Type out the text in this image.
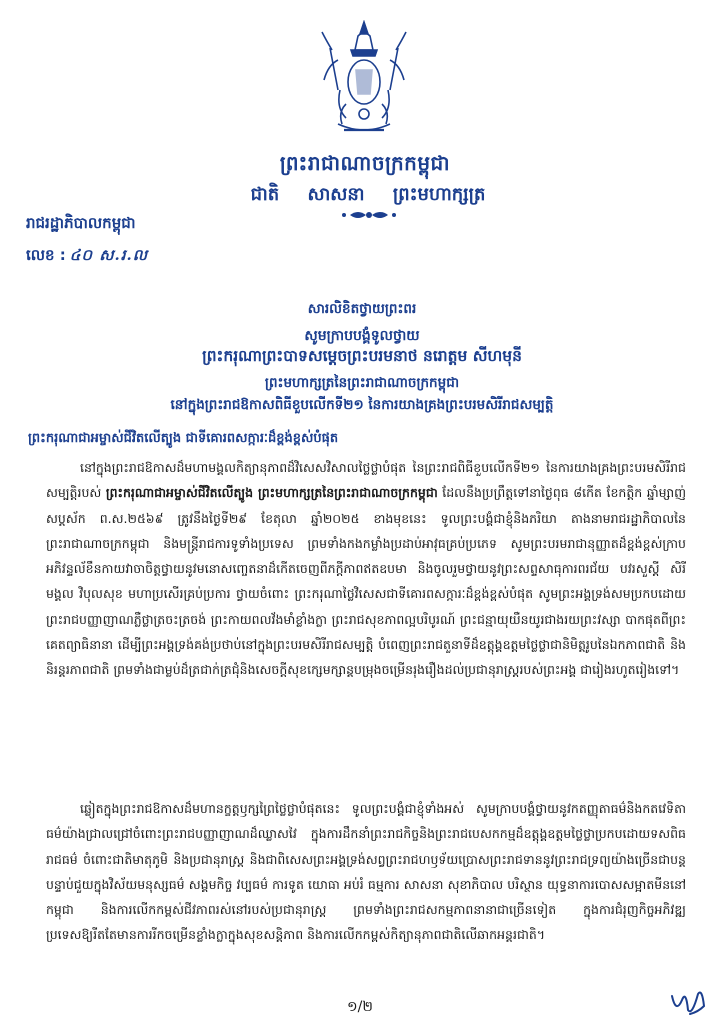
ព្រះរាជាណាចក្រកម្ពុជា
ជាតិ សាសនា ព្រះមហាក្សត្រ
រាជរដ្ឋាភិបាលកម្ពុជា
លេខ : ៤០ ស.រ.ល
សារលិខិតថ្វាយព្រះពរ
សូមក្រាបបង្គំទូលថ្វាយ
ព្រះករុណាព្រះបាទសម្តេចព្រះបរមនាថ នរោត្តម សីហមុនី
ព្រះមហាក្សត្រនៃព្រះរាជាណាចក្រកម្ពុជា
នៅក្នុងព្រះរាជឱកាសពិធីខួបលើកទី២១ នៃការយាងគ្រងព្រះបរមសិរីរាជសម្បត្តិ
ព្រះករុណាជាអម្ចាស់ជីវិតលើត្បូង ជាទីគោរពសក្ការៈដ៏ខ្ពង់ខ្ពស់បំផុត
នៅក្នុងព្រះរាជឱកាសដ៏មហាមង្គលកិត្យានុភាពដ៏វិសេសវិសាលថ្លៃថ្លាបំផុត នៃព្រះរាជពិធីខួបលើកទី២១ នៃការយាងគ្រងព្រះបរមសិរីរាជសម្បត្តិរបស់ ព្រះករុណាជាអម្ចាស់ជីវិតលើត្បូង ព្រះមហាក្សត្រនៃព្រះរាជាណាចក្រកម្ពុជា ដែលនឹងប្រព្រឹត្តទៅនាថ្ងៃពុធ ៨កើត ខែកត្តិក ឆ្នាំម្សាញ់ សប្តស័ក ព.ស.២៥៦៩ ត្រូវនឹងថ្ងៃទី២៩ ខែតុលា ឆ្នាំ២០២៥ ខាងមុខនេះ ទូលព្រះបង្គំជាខ្ញុំនិងភរិយា តាងនាមរាជរដ្ឋាភិបាលនៃព្រះរាជាណាចក្រកម្ពុជា និងមន្ត្រីរាជការទូទាំងប្រទេស ព្រមទាំងកងកម្លាំងប្រដាប់អាវុធគ្រប់ប្រភេទ សូមព្រះបរមរាជានុញ្ញាតដ៏ខ្ពង់ខ្ពស់ក្រាបអភិវន្ទល័ខឹនកាយវាចាចិត្តថ្វាយនូវមនោសញ្ចេតនាដ៏កើតចេញពីភក្តីភាពឥតឧបមា និងចូលរួមថ្វាយនូវព្រះសព្ទសាធុការពរជ័យ បវរសួស្តី សិរីមង្គល វិបុលសុខ មហាប្រសើរគ្រប់ប្រការ ថ្វាយចំពោះ ព្រះករុណាថ្លៃវិសេសជាទីគោរពសក្ការៈដ៏ខ្ពង់ខ្ពស់បំផុត សូមព្រះអង្គទ្រង់សមប្រកបដោយព្រះរាជបញ្ញាញាណភ្លឺថ្លាត្រចះត្រចង់ ព្រះកាយពលវ័ងមាំខ្លាំងក្លា ព្រះរាជសុខភាពល្អបរិបូរណ៍ ព្រះជន្មាយុយឺនយូរជាងរយព្រះវស្សា បាកផុតពីព្រះគេតព្យាធិនានា ដើម្បីព្រះអង្គទ្រង់គង់ប្រថាប់នៅក្នុងព្រះបរមសិរីរាជសម្បត្តិ បំពេញព្រះរាជតួនាទីដ៏ឧត្តុង្គឧត្តមថ្លៃថ្លាជានិមិត្តរូបនៃឯកភាពជាតិ និងនិរន្តរភាពជាតិ ព្រមទាំងជាម្លប់ដ៏ត្រជាក់ត្រជុំនិងសេចក្តីសុខក្សេមក្សាន្តបម្រុងចម្រើនរុងរឿងដល់ប្រជានុរាស្ត្ររបស់ព្រះអង្គ ជារៀងរហូតរៀងទៅ។
ឆ្លៀតក្នុងព្រះរាជឱកាសដ៏មហានក្ខត្តឫក្សព្រៃថ្លៃថ្លាបំផុតនេះ ទូលព្រះបង្គំជាខ្ញុំទាំងអស់ សូមក្រាបបង្គំថ្វាយនូវកតញ្ញុតាធម៌និងកតវេទិតាធម៌យ៉ាងជ្រាលជ្រៅចំពោះព្រះរាជបញ្ញាញាណដ៏ឈ្លាសវៃ ក្នុងការដឹកនាំព្រះរាជកិច្ចនិងព្រះរាជបេសកកម្មដ៏ឧត្តុង្គឧត្តមថ្លៃថ្លាប្រកបដោយទសពិធរាជធម៌ ចំពោះជាតិមាតុភូមិ និងប្រជានុរាស្ត្រ និងជាពិសេសព្រះអង្គទ្រង់សព្វព្រះរាជហឫទ័យប្រោសព្រះរាជទាននូវព្រះរាជទ្រព្យយ៉ាងច្រើនជាបន្តបន្ទាប់ជួយក្នុងវិស័យមនុស្សធម៌ សង្គមកិច្ច វប្បធម៌ ការទូត យោធា អប់រំ ធម្មការ សាសនា សុខាភិបាល បរិស្ថាន យុទ្ធនាការបោសសម្អាតមីននៅកម្ពុជា និងការលើកកម្ពស់ជីវភាពរស់នៅរបស់ប្រជានុរាស្ត្រ ព្រមទាំងព្រះរាជសកម្មភាពនានាជាច្រើនទៀត ក្នុងការជំរុញកិច្ចអភិវឌ្ឍប្រទេសឱ្យរីតតែមានការរីកចម្រើនខ្លាំងក្លាក្នុងសុខសន្តិភាព និងការលើកកម្ពស់កិត្យានុភាពជាតិលើឆាកអន្តរជាតិ។
១/២
